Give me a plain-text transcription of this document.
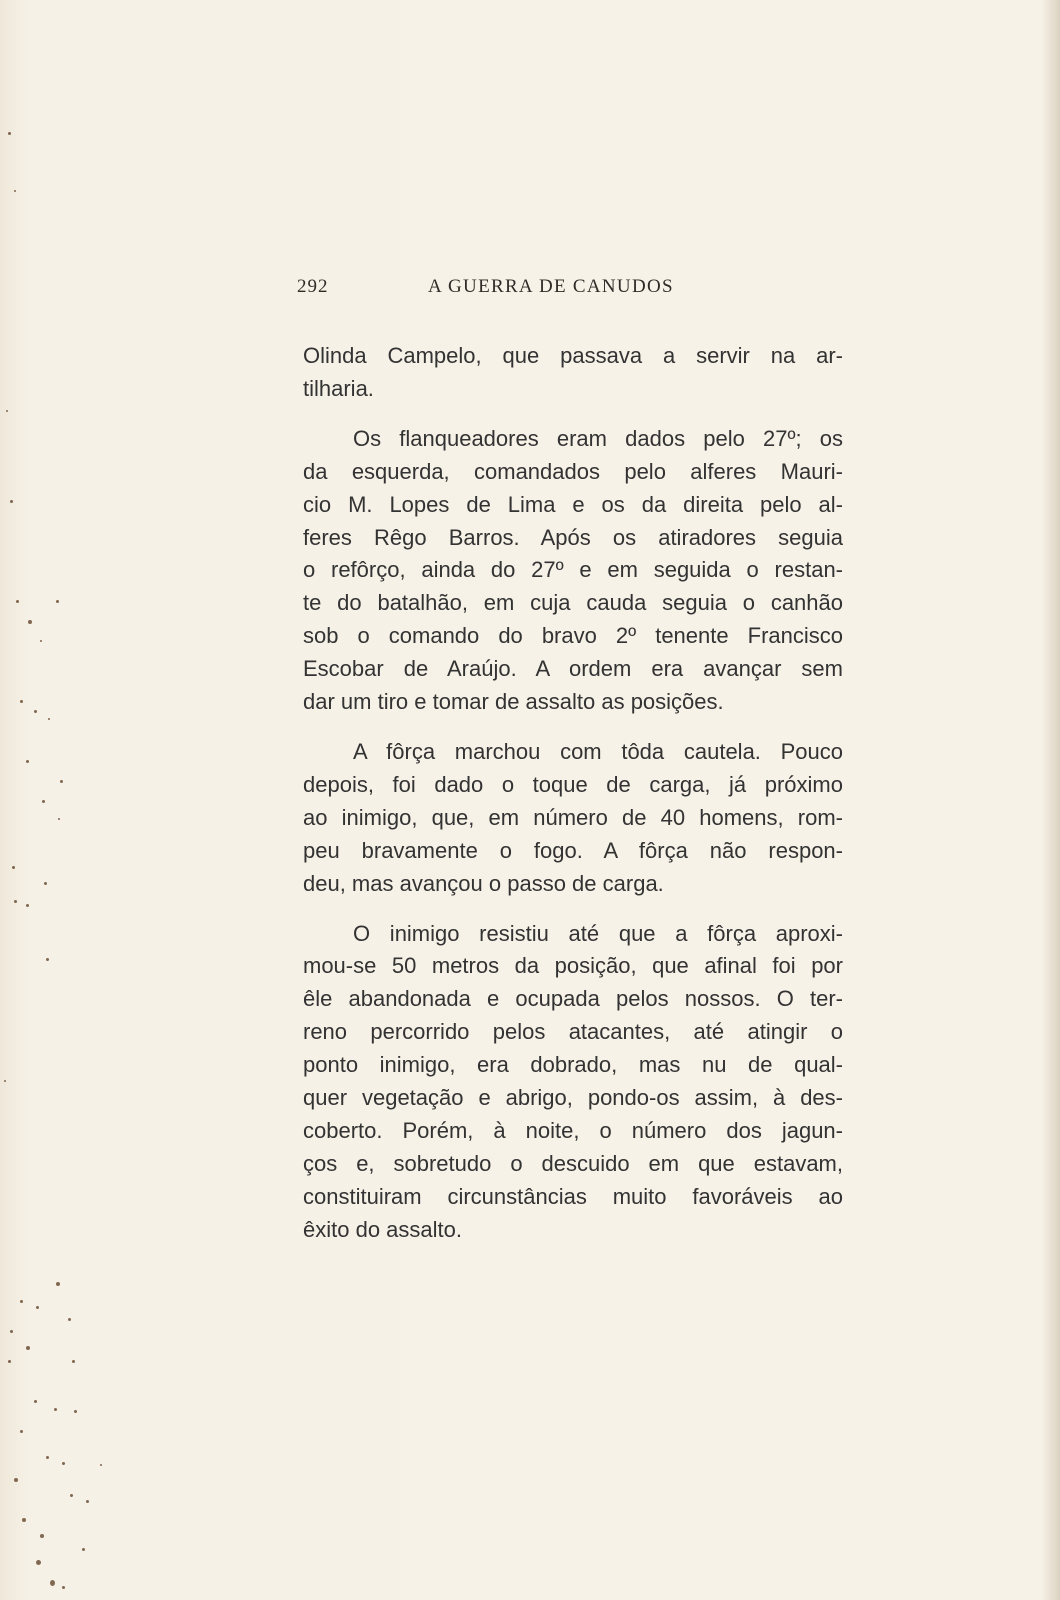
292	A GUERRA DE CANUDOS

Olinda Campelo, que passava a servir na ar-
tilharia.

Os flanqueadores eram dados pelo 27º; os
da esquerda, comandados pelo alferes Mauri-
cio M. Lopes de Lima e os da direita pelo al-
feres Rêgo Barros. Após os atiradores seguia
o refôrço, ainda do 27º e em seguida o restan-
te do batalhão, em cuja cauda seguia o canhão
sob o comando do bravo 2º tenente Francisco
Escobar de Araújo. A ordem era avançar sem
dar um tiro e tomar de assalto as posições.

A fôrça marchou com tôda cautela. Pouco
depois, foi dado o toque de carga, já próximo
ao inimigo, que, em número de 40 homens, rom-
peu bravamente o fogo. A fôrça não respon-
deu, mas avançou o passo de carga.

O inimigo resistiu até que a fôrça aproxi-
mou-se 50 metros da posição, que afinal foi por
êle abandonada e ocupada pelos nossos. O ter-
reno percorrido pelos atacantes, até atingir o
ponto inimigo, era dobrado, mas nu de qual-
quer vegetação e abrigo, pondo-os assim, à des-
coberto. Porém, à noite, o número dos jagun-
ços e, sobretudo o descuido em que estavam,
constituiram circunstâncias muito favoráveis ao
êxito do assalto.
